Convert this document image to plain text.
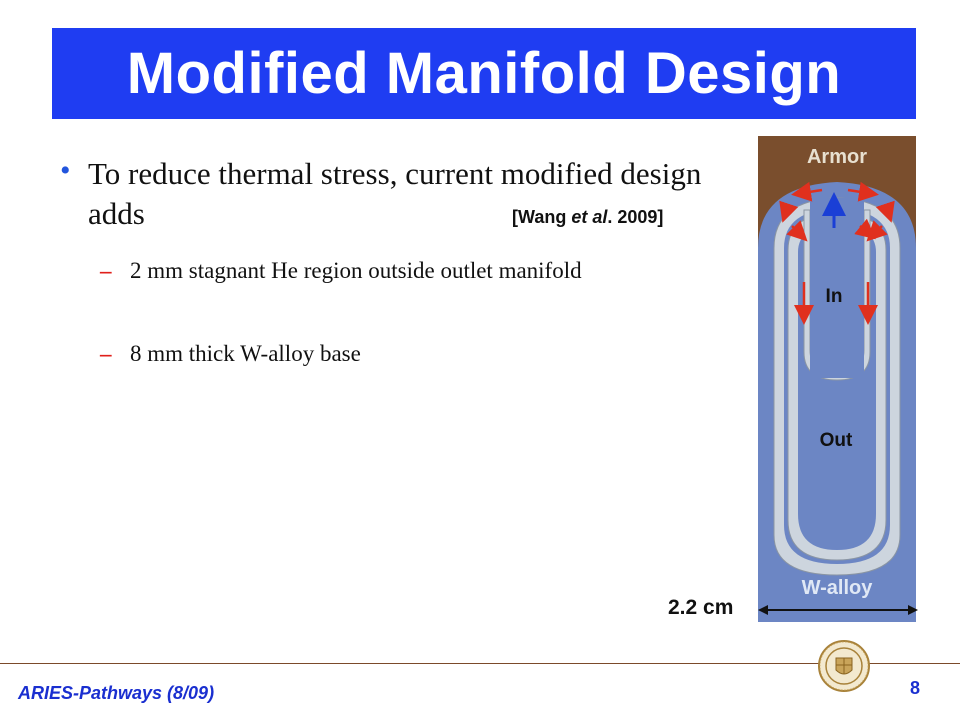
Modified Manifold Design
• To reduce thermal stress, current modified design adds	[Wang et al. 2009]
– 2 mm stagnant He region outside outlet manifold
– 8 mm thick W-alloy base
Armor
In
Out
W-alloy
2.2 cm
ARIES-Pathways (8/09)	8
